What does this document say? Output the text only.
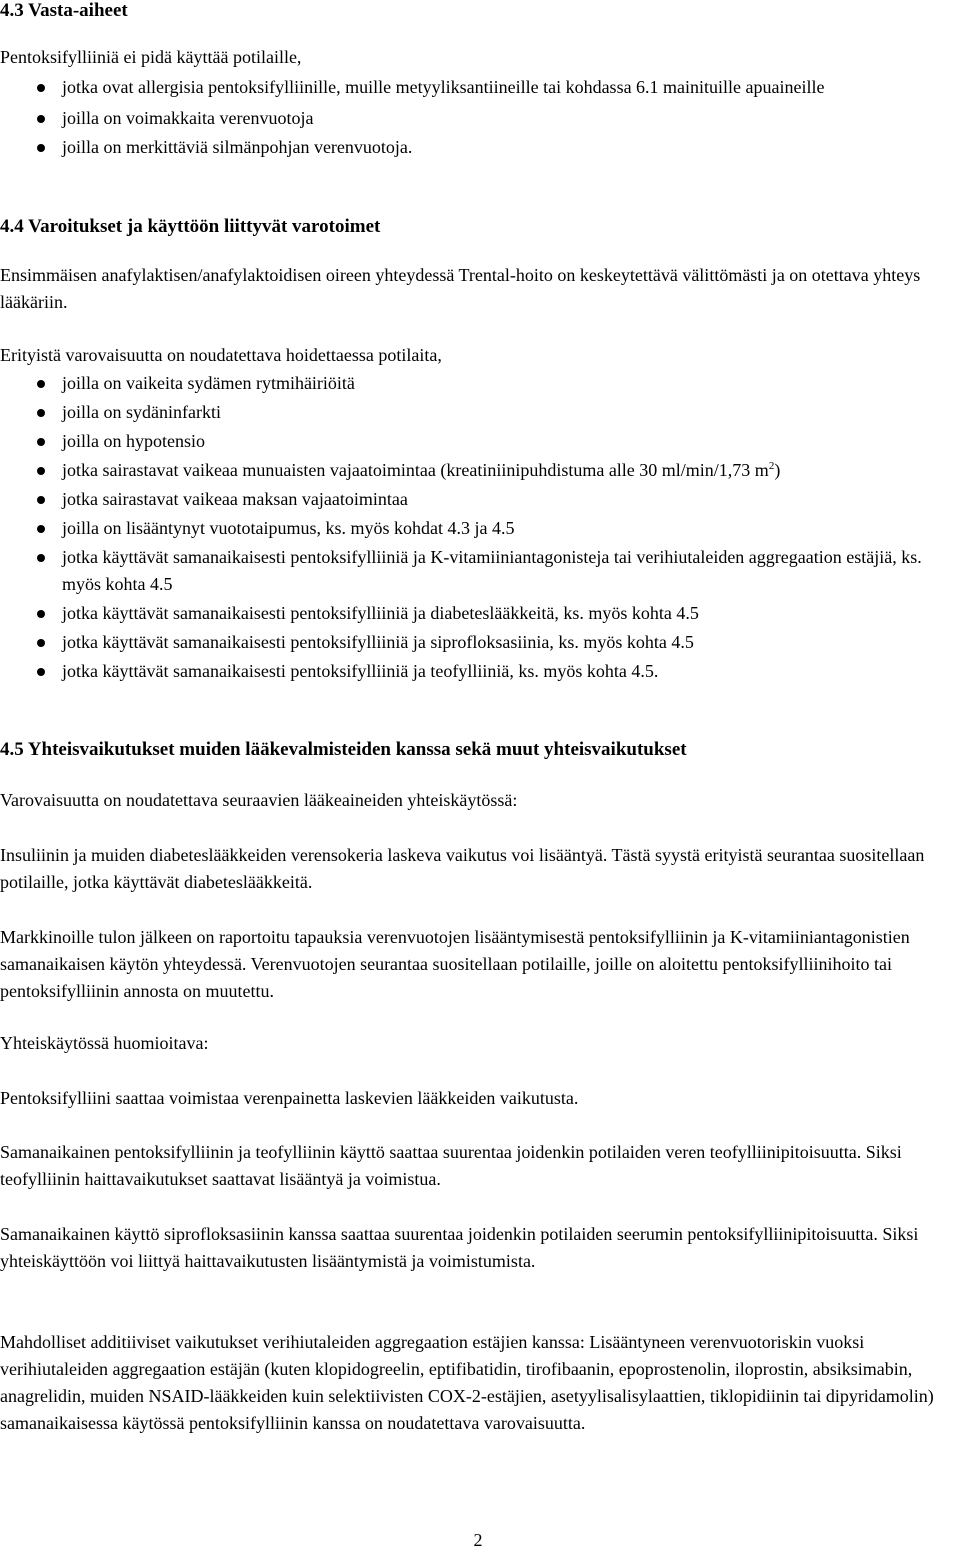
4.3 Vasta-aiheet

Pentoksifylliiniä ei pidä käyttää potilaille,

jotka ovat allergisia pentoksifylliinille, muille metyyliksantiineille tai kohdassa 6.1 mainituille apuaineille
joilla on voimakkaita verenvuotoja
joilla on merkittäviä silmänpohjan verenvuotoja.
4.4 Varoitukset ja käyttöön liittyvät varotoimet

Ensimmäisen anafylaktisen/anafylaktoidisen oireen yhteydessä Trental-hoito on keskeytettävä välittömästi ja on otettava yhteys lääkäriin.

Erityistä varovaisuutta on noudatettava hoidettaessa potilaita,

joilla on vaikeita sydämen rytmihäiriöitä
joilla on sydäninfarkti
joilla on hypotensio
jotka sairastavat vaikeaa munuaisten vajaatoimintaa (kreatiniinipuhdistuma alle 30 ml/min/1,73 $m^2$)
jotka sairastavat vaikeaa maksan vajaatoimintaa
joilla on lisääntynyt vuototaipumus, ks. myös kohdat 4.3 ja 4.5
jotka käyttävät samanaikaisesti pentoksifylliiniä ja K-vitamiiniantagonisteja tai verihiutaleiden aggregaation estäjiä, ks. myös kohta 4.5
jotka käyttävät samanaikaisesti pentoksifylliiniä ja diabeteslääkkeitä, ks. myös kohta 4.5
jotka käyttävät samanaikaisesti pentoksifylliiniä ja siprofloksasiinia, ks. myös kohta 4.5
jotka käyttävät samanaikaisesti pentoksifylliiniä ja teofylliiniä, ks. myös kohta 4.5.
4.5 Yhteisvaikutukset muiden lääkevalmisteiden kanssa sekä muut yhteisvaikutukset

Varovaisuutta on noudatettava seuraavien lääkeaineiden yhteiskäytössä:

Insuliinin ja muiden diabeteslääkkeiden verensokeria laskeva vaikutus voi lisääntyä. Tästä syystä erityistä seurantaa suositellaan potilaille, jotka käyttävät diabeteslääkkeitä.

Markkinoille tulon jälkeen on raportoitu tapauksia verenvuotojen lisääntymisestä pentoksifylliinin ja K-vitamiiniantagonistien samanaikaisen käytön yhteydessä. Verenvuotojen seurantaa suositellaan potilaille, joille on aloitettu pentoksifylliinihoito tai pentoksifylliinin annosta on muutettu.

Yhteiskäytössä huomioitava:

Pentoksifylliini saattaa voimistaa verenpainetta laskevien lääkkeiden vaikutusta.

Samanaikainen pentoksifylliinin ja teofylliinin käyttö saattaa suurentaa joidenkin potilaiden veren teofylliinipitoisuutta. Siksi teofylliinin haittavaikutukset saattavat lisääntyä ja voimistua.

Samanaikainen käyttö siprofloksasiinin kanssa saattaa suurentaa joidenkin potilaiden seerumin pentoksifylliinipitoisuutta. Siksi yhteiskäyttöön voi liittyä haittavaikutusten lisääntymistä ja voimistumista.

Mahdolliset additiiviset vaikutukset verihiutaleiden aggregaation estäjien kanssa: Lisääntyneen verenvuotoriskin vuoksi verihiutaleiden aggregaation estäjän (kuten klopidogreelin, eptifibatidin, tirofibaanin, epoprostenolin, iloprostin, absiksimabin, anagrelidin, muiden NSAID-lääkkeiden kuin selektiivisten COX-2-estäjien, asetyylisalisylaattien, tiklopidiinin tai dipyridamolin) samanaikaisessa käytössä pentoksifylliinin kanssa on noudatettava varovaisuutta.

2
